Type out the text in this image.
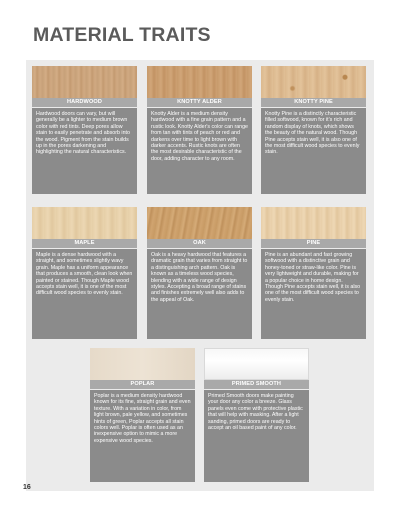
MATERIAL TRAITS
HARDWOOD
Hardwood doors can vary, but will generally be a lighter to medium brown color with red tints. Deep pores allow stain to easily penetrate and absorb into the wood. Pigment from the stain builds up in the pores darkening and highlighting the natural characteristics.
KNOTTY ALDER
Knotty Alder is a medium density hardwood with a fine grain pattern and a rustic look. Knotty Alder's color can range from tan with tints of peach or red and darkens over time to light brown with darker accents. Rustic knots are often the most desirable characteristic of the door, adding character to any room.
KNOTTY PINE
Knotty Pine is a distinctly characteristic filled softwood, known for it's rich and random display of knots, which shows the beauty of the natural wood. Though Pine accepts stain well, it is also one of the most difficult wood species to evenly stain.
MAPLE
Maple is a dense hardwood with a straight, and sometimes slightly wavy grain. Maple has a uniform appearance that produces a smooth, clean look when painted or stained. Though Maple wood accepts stain well, it is one of the most difficult wood species to evenly stain.
OAK
Oak is a heavy hardwood that features a dramatic grain that varies from straight to a distinguishing arch pattern. Oak is known as a timeless wood species, blending with a wide range of design styles. Accepting a broad range of stains and finishes extremely well also adds to the appeal of Oak.
PINE
Pine is an abundant and fast growing softwood with a distinctive grain and honey-toned or straw-like color. Pine is very lightweight and durable, making for a popular choice in home design. Though Pine accepts stain well, it is also one of the most difficult wood species to evenly stain.
POPLAR
Poplar is a medium density hardwood known for its fine, straight grain and even texture. With a variation in color, from light brown, pale yellow, and sometimes hints of green, Poplar accepts all stain colors well. Poplar is often used as an inexpensive option to mimic a more expensive wood species.
PRIMED SMOOTH
Primed Smooth doors make painting your door any color a breeze. Glass panels even come with protective plastic that will help with masking. After a light sanding, primed doors are ready to accept an oil based paint of any color.
16
